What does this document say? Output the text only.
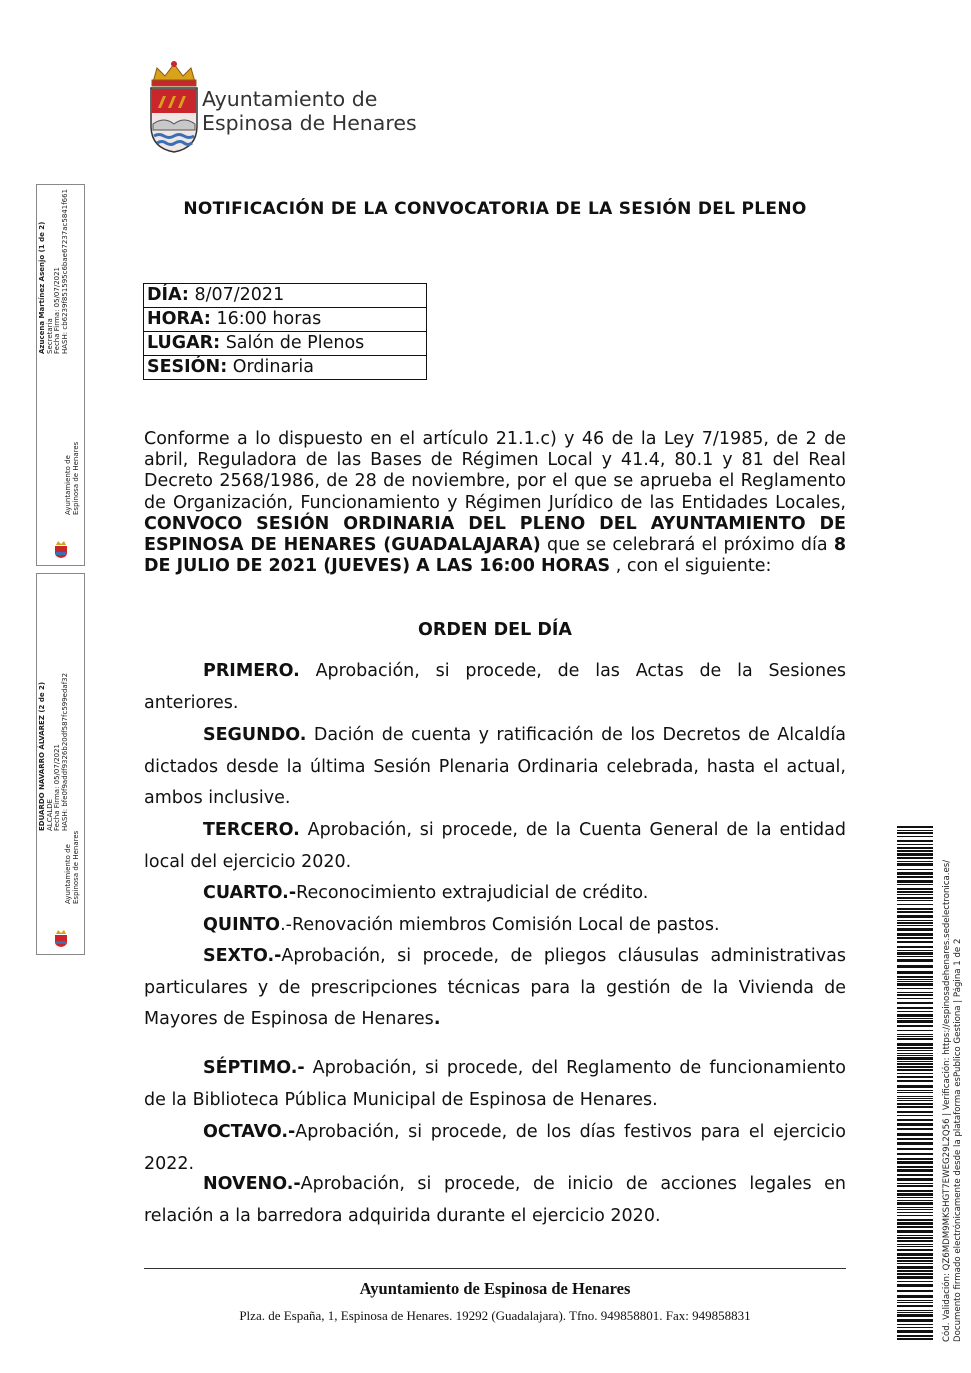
Ayuntamiento de
Espinosa de Henares
NOTIFICACIÓN DE LA CONVOCATORIA DE LA SESIÓN DEL PLENO
DÍA: 8/07/2021
HORA: 16:00 horas
LUGAR: Salón de Plenos
SESIÓN: Ordinaria
Conforme a lo dispuesto en el artículo 21.1.c) y 46 de la Ley 7/1985, de 2 de abril, Reguladora de las Bases de Régimen Local y 41.4, 80.1 y 81 del Real Decreto 2568/1986, de 28 de noviembre, por el que se aprueba el Reglamento de Organización, Funcionamiento y Régimen Jurídico de las Entidades Locales, CONVOCO SESIÓN ORDINARIA DEL PLENO DEL AYUNTAMIENTO DE ESPINOSA DE HENARES (GUADALAJARA) que se celebrará el próximo día 8 DE JULIO DE 2021 (JUEVES) A LAS 16:00 HORAS , con el siguiente:
ORDEN DEL DÍA
PRIMERO. Aprobación, si procede, de las Actas de la Sesiones anteriores.
SEGUNDO. Dación de cuenta y ratificación de los Decretos de Alcaldía dictados desde la última Sesión Plenaria Ordinaria celebrada, hasta el actual, ambos inclusive.
TERCERO. Aprobación, si procede, de la Cuenta General de la entidad local del ejercicio 2020.
CUARTO.-Reconocimiento extrajudicial de crédito.
QUINTO.-Renovación miembros Comisión Local de pastos.
SEXTO.-Aprobación, si procede, de pliegos cláusulas administrativas particulares y de prescripciones técnicas para la gestión de la Vivienda de Mayores de Espinosa de Henares.
SÉPTIMO.- Aprobación, si procede, del Reglamento de funcionamiento de la Biblioteca Pública Municipal de Espinosa de Henares.
OCTAVO.-Aprobación, si procede, de los días festivos para el ejercicio 2022.
NOVENO.-Aprobación, si procede, de inicio de acciones legales en relación a la barredora adquirida durante el ejercicio 2020.
Ayuntamiento de Espinosa de Henares
Plza. de España, 1, Espinosa de Henares. 19292 (Guadalajara). Tfno. 949858801. Fax: 949858831
Azucena Martínez Asenjo (1 de 2) Secretaria Fecha Firma: 05/07/2021 HASH: cb6239f851595c6bae67237ac5841f661
Ayuntamiento de Espinosa de Henares
EDUARDO NAVARRO ÁLVAREZ (2 de 2) ALCALDE Fecha Firma: 05/07/2021 HASH: bfe0f9addf9326b20df587fc599edaf32
Ayuntamiento de Espinosa de Henares	Cód. Validación: QZ6MDM9MKSHGT7EWEG29L2Q56 | Verificación: https://espinosadehenares.sedelectronica.es/ Documento firmado electrónicamente desde la plataforma esPublico Gestiona | Página 1 de 2
